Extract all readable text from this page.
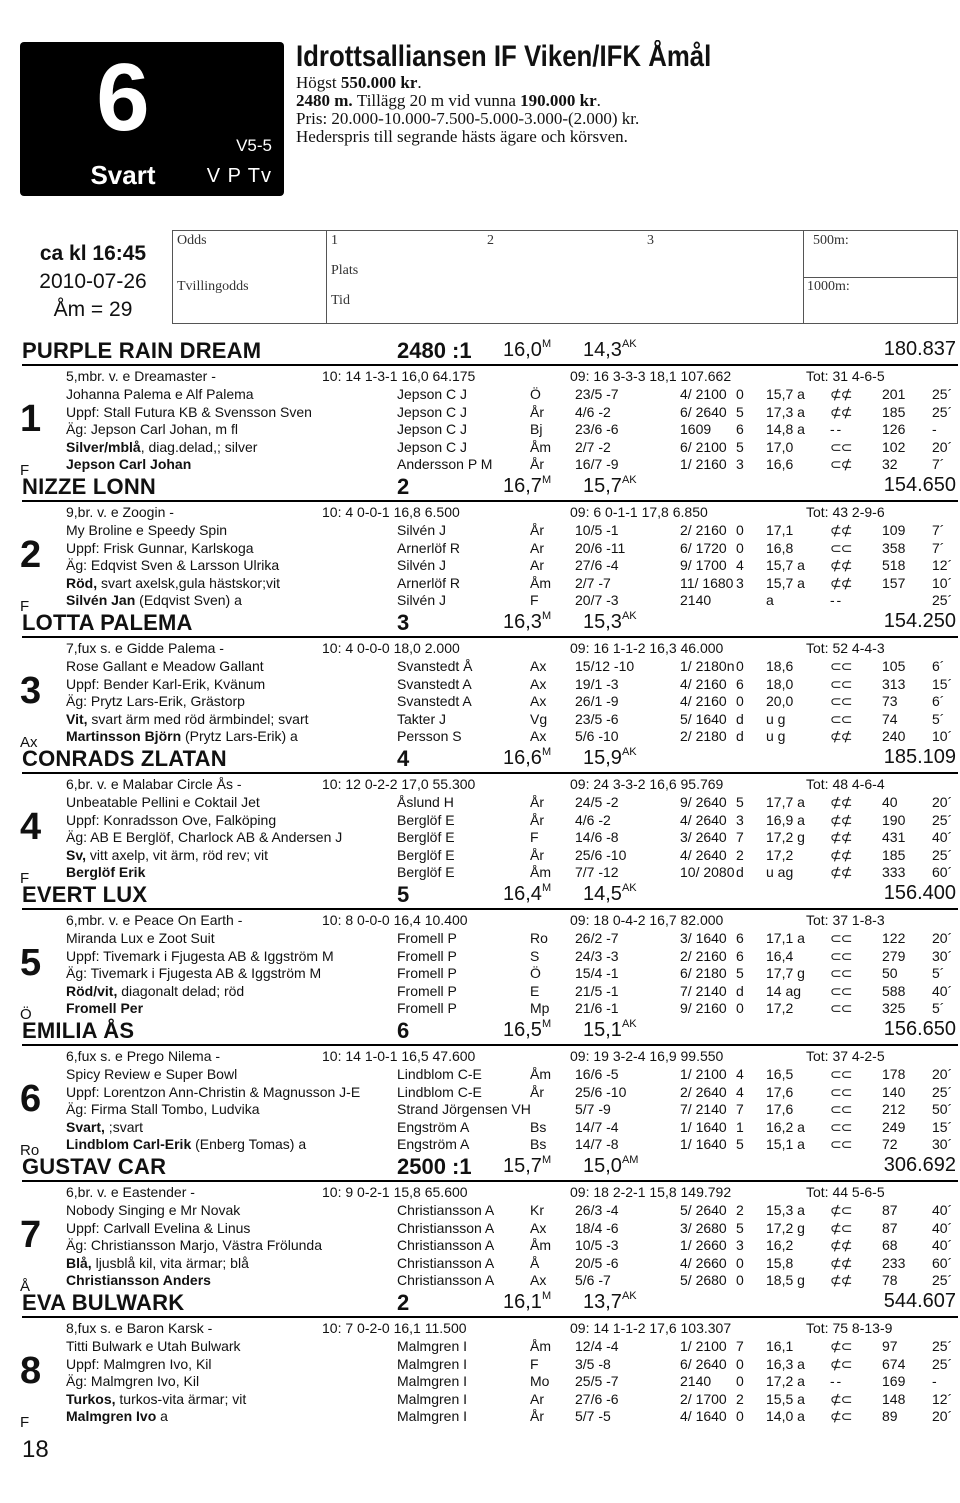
6
Svart
V5-5
V P Tv
Idrottsalliansen IF Viken/IFK Åmål
Högst 550.000 kr.
2480 m. Tillägg 20 m vid vunna 190.000 kr.
Pris: 20.000-10.000-7.500-5.000-3.000-(2.000) kr.
Hederspris till segrande hästs ägare och körsven.
ca kl 16:45
2010-07-26
Åm = 29
Odds
Tvillingodds
1	2	3
Plats
Tid
500m:
1000m:
PURPLE RAIN DREAM	2480 :1 $16,0^M$ $14,3^{AK}$	180.837
1
F
5,mbr. v. e Dreamaster -	10: 14 1-3-1 16,0 64.175	09: 16 3-3-3 18,1 107.662	Tot: 31 4-6-5
Johanna Palema e Alf Palema	Jepson C J	Ö 23/5 -7	4/ 2100 0 15,7 a ⊄⊄ 201 25´
Uppf: Stall Futura KB & Svensson Sven	Jepson C J	År 4/6 -2	6/ 2640 5 17,3 a ⊄⊄ 185 25´
Äg: Jepson Carl Johan, m fl	Jepson C J	Bj 23/6 -6	1609 6 14,8 a - -	126 -
Silver/mblå, diag.delad,; silver	Jepson C J	Åm 2/7 -2	6/ 2100 5 17,0	⊂⊂ 102 20´
Jepson Carl Johan	Andersson P M	År 16/7 -9	1/ 2160 3 16,6	⊂⊄ 32 7´
NIZZE LONN	2	$16,7^M$ $15,7^{AK}$	154.650
2
F
9,br. v. e Zoogin -	10: 4 0-0-1 16,8 6.500	09: 6 0-1-1 17,8 6.850	Tot: 43 2-9-6
My Broline e Speedy Spin	Silvén J	År 10/5 -1	2/ 2160 0 17,1	⊄⊄ 109 7´
Uppf: Frisk Gunnar, Karlskoga	Arnerlöf R	Ar 20/6 -11	6/ 1720 0 16,8	⊂⊂ 358 7´
Äg: Edqvist Sven & Larsson Ulrika	Silvén J	Ar 27/6 -4	9/ 1700 4 15,7 a ⊄⊄ 518 12´
Röd, svart axelsk,gula hästskor;vit	Arnerlöf R	Åm 2/7 -7	11/ 1680 3 15,7 a ⊄⊄ 157 10´
Silvén Jan (Edqvist Sven) a	Silvén J	F	20/7 -3	2140	a	- -	25´
LOTTA PALEMA	3	$16,3^M$ $15,3^{AK}$	154.250
3
Ax
7,fux s. e Gidde Palema -	10: 4 0-0-0 18,0 2.000	09: 16 1-1-2 16,3 46.000	Tot: 52 4-4-3
Rose Gallant e Meadow Gallant	Svanstedt Å	Ax 15/12 -10	1/ 2180n 0 18,6	⊂⊂ 105 6´
Uppf: Bender Karl-Erik, Kvänum	Svanstedt A	Ax 19/1 -3	4/ 2160 6 18,0	⊂⊂ 313 15´
Äg: Prytz Lars-Erik, Grästorp	Svanstedt A	Ax 26/1 -9	4/ 2160 0 20,0	⊂⊂ 73 6´
Vit, svart ärm med röd ärmbindel; svart	Takter J	Vg 23/5 -6	5/ 1640 d u g	⊂⊂ 74 5´
Martinsson Björn (Prytz Lars-Erik) a	Persson S	Ax 5/6 -10	2/ 2180 d u g	⊄⊄ 240 10´
CONRADS ZLATAN	4	$16,6^M$ $15,9^{AK}$	185.109
4
F
6,br. v. e Malabar Circle Ås -	10: 12 0-2-2 17,0 55.300	09: 24 3-3-2 16,6 95.769	Tot: 48 4-6-4
Unbeatable Pellini e Coktail Jet	Åslund H	År 24/5 -2	9/ 2640 5 17,7 a ⊄⊄ 40 20´
Uppf: Konradsson Ove, Falköping	Berglöf E	År 4/6 -2	4/ 2640 3 16,9 a ⊄⊄ 190 25´
Äg: AB E Berglöf, Charlock AB & Andersen J	Berglöf E	F	14/6 -8	3/ 2640 7 17,2 g ⊄⊄ 431 40´
Sv, vitt axelp, vit ärm, röd rev; vit	Berglöf E	År 25/6 -10	4/ 2640 2 17,2	⊄⊄ 185 25´
Berglöf Erik	Berglöf E	Åm 7/7 -12	10/ 2080 d u ag	⊄⊄ 333 60´
EVERT LUX	5	$16,4^M$ $14,5^{AK}$	156.400
5
Ö
6,mbr. v. e Peace On Earth -	10: 8 0-0-0 16,4 10.400	09: 18 0-4-2 16,7 82.000	Tot: 37 1-8-3
Miranda Lux e Zoot Suit	Fromell P	Ro 26/2 -7	3/ 1640 6 17,1 a ⊂⊂ 122 20´
Uppf: Tivemark i Fjugesta AB & Iggström M	Fromell P	S	24/3 -3	2/ 2160 6 16,4	⊂⊂ 279 30´
Äg: Tivemark i Fjugesta AB & Iggström M	Fromell P	Ö 15/4 -1	6/ 2180 5 17,7 g ⊂⊂ 50 5´
Röd/vit, diagonalt delad; röd	Fromell P	E	21/5 -1	7/ 2140 d 14 ag ⊂⊂ 588 40´
Fromell Per	Fromell P	Mp 21/6 -1	9/ 2160 0 17,2	⊂⊂ 325 5´
EMILIA ÅS	6	$16,5^M$ $15,1^{AK}$	156.650
6
Ro
6,fux s. e Prego Nilema -	10: 14 1-0-1 16,5 47.600	09: 19 3-2-4 16,9 99.550	Tot: 37 4-2-5
Spicy Review e Super Bowl	Lindblom C-E	Åm 16/6 -5	1/ 2100 4 16,5	⊂⊂ 178 20´
Uppf: Lorentzon Ann-Christin & Magnusson J-E	Lindblom C-E	År 25/6 -10	2/ 2640 4 17,6	⊂⊂ 140 25´
Äg: Firma Stall Tombo, Ludvika	Strand Jörgensen VH	5/7 -9	7/ 2140 7 17,6	⊂⊂ 212 50´
Svart, ;svart	Engström A	Bs 14/7 -4	1/ 1640 1 16,2 a ⊂⊂ 249 15´
Lindblom Carl-Erik (Enberg Tomas) a	Engström A	Bs 14/7 -8	1/ 1640 5 15,1 a ⊂⊂ 72 30´
GUSTAV CAR	2500 :1 $15,7^M$ $15,0^{AM}$	306.692
7
Å
6,br. v. e Eastender -	10: 9 0-2-1 15,8 65.600	09: 18 2-2-1 15,8 149.792	Tot: 44 5-6-5
Nobody Singing e Mr Novak	Christiansson A	Kr 26/3 -4	5/ 2640 2 15,3 a ⊄⊂ 87 40´
Uppf: Carlvall Evelina & Linus	Christiansson A	Ax 18/4 -6	3/ 2680 5 17,2 g ⊄⊂ 87 40´
Äg: Christiansson Marjo, Västra Frölunda	Christiansson A	Åm 10/5 -3	1/ 2660 3 16,2	⊄⊄ 68 40´
Blå, ljusblå kil, vita ärmar; blå	Christiansson A	Å	20/5 -6	4/ 2660 0 15,8	⊄⊄ 233 60´
Christiansson Anders	Christiansson A	Ax 5/6 -7	5/ 2680 0 18,5 g ⊄⊄ 78 25´
EVA BULWARK	2	$16,1^M$ $13,7^{AK}$	544.607
8
F
8,fux s. e Baron Karsk -	10: 7 0-2-0 16,1 11.500	09: 14 1-1-2 17,6 103.307	Tot: 75 8-13-9
Titti Bulwark e Utah Bulwark	Malmgren I	Åm 12/4 -4	1/ 2100 7 16,1	⊄⊂ 97 25´
Uppf: Malmgren Ivo, Kil	Malmgren I	F	3/5 -8	6/ 2640 0 16,3 a ⊄⊂ 674 25´
Äg: Malmgren Ivo, Kil	Malmgren I	Mo 25/5 -7	2140 0 17,2 a - -	169 -
Turkos, turkos-vita ärmar; vit	Malmgren I	Ar 27/6 -6	2/ 1700 2 15,5 a ⊄⊂ 148 12´
Malmgren Ivo a	Malmgren I	År 5/7 -5	4/ 1640 0 14,0 a ⊄⊂ 89 20´
18
